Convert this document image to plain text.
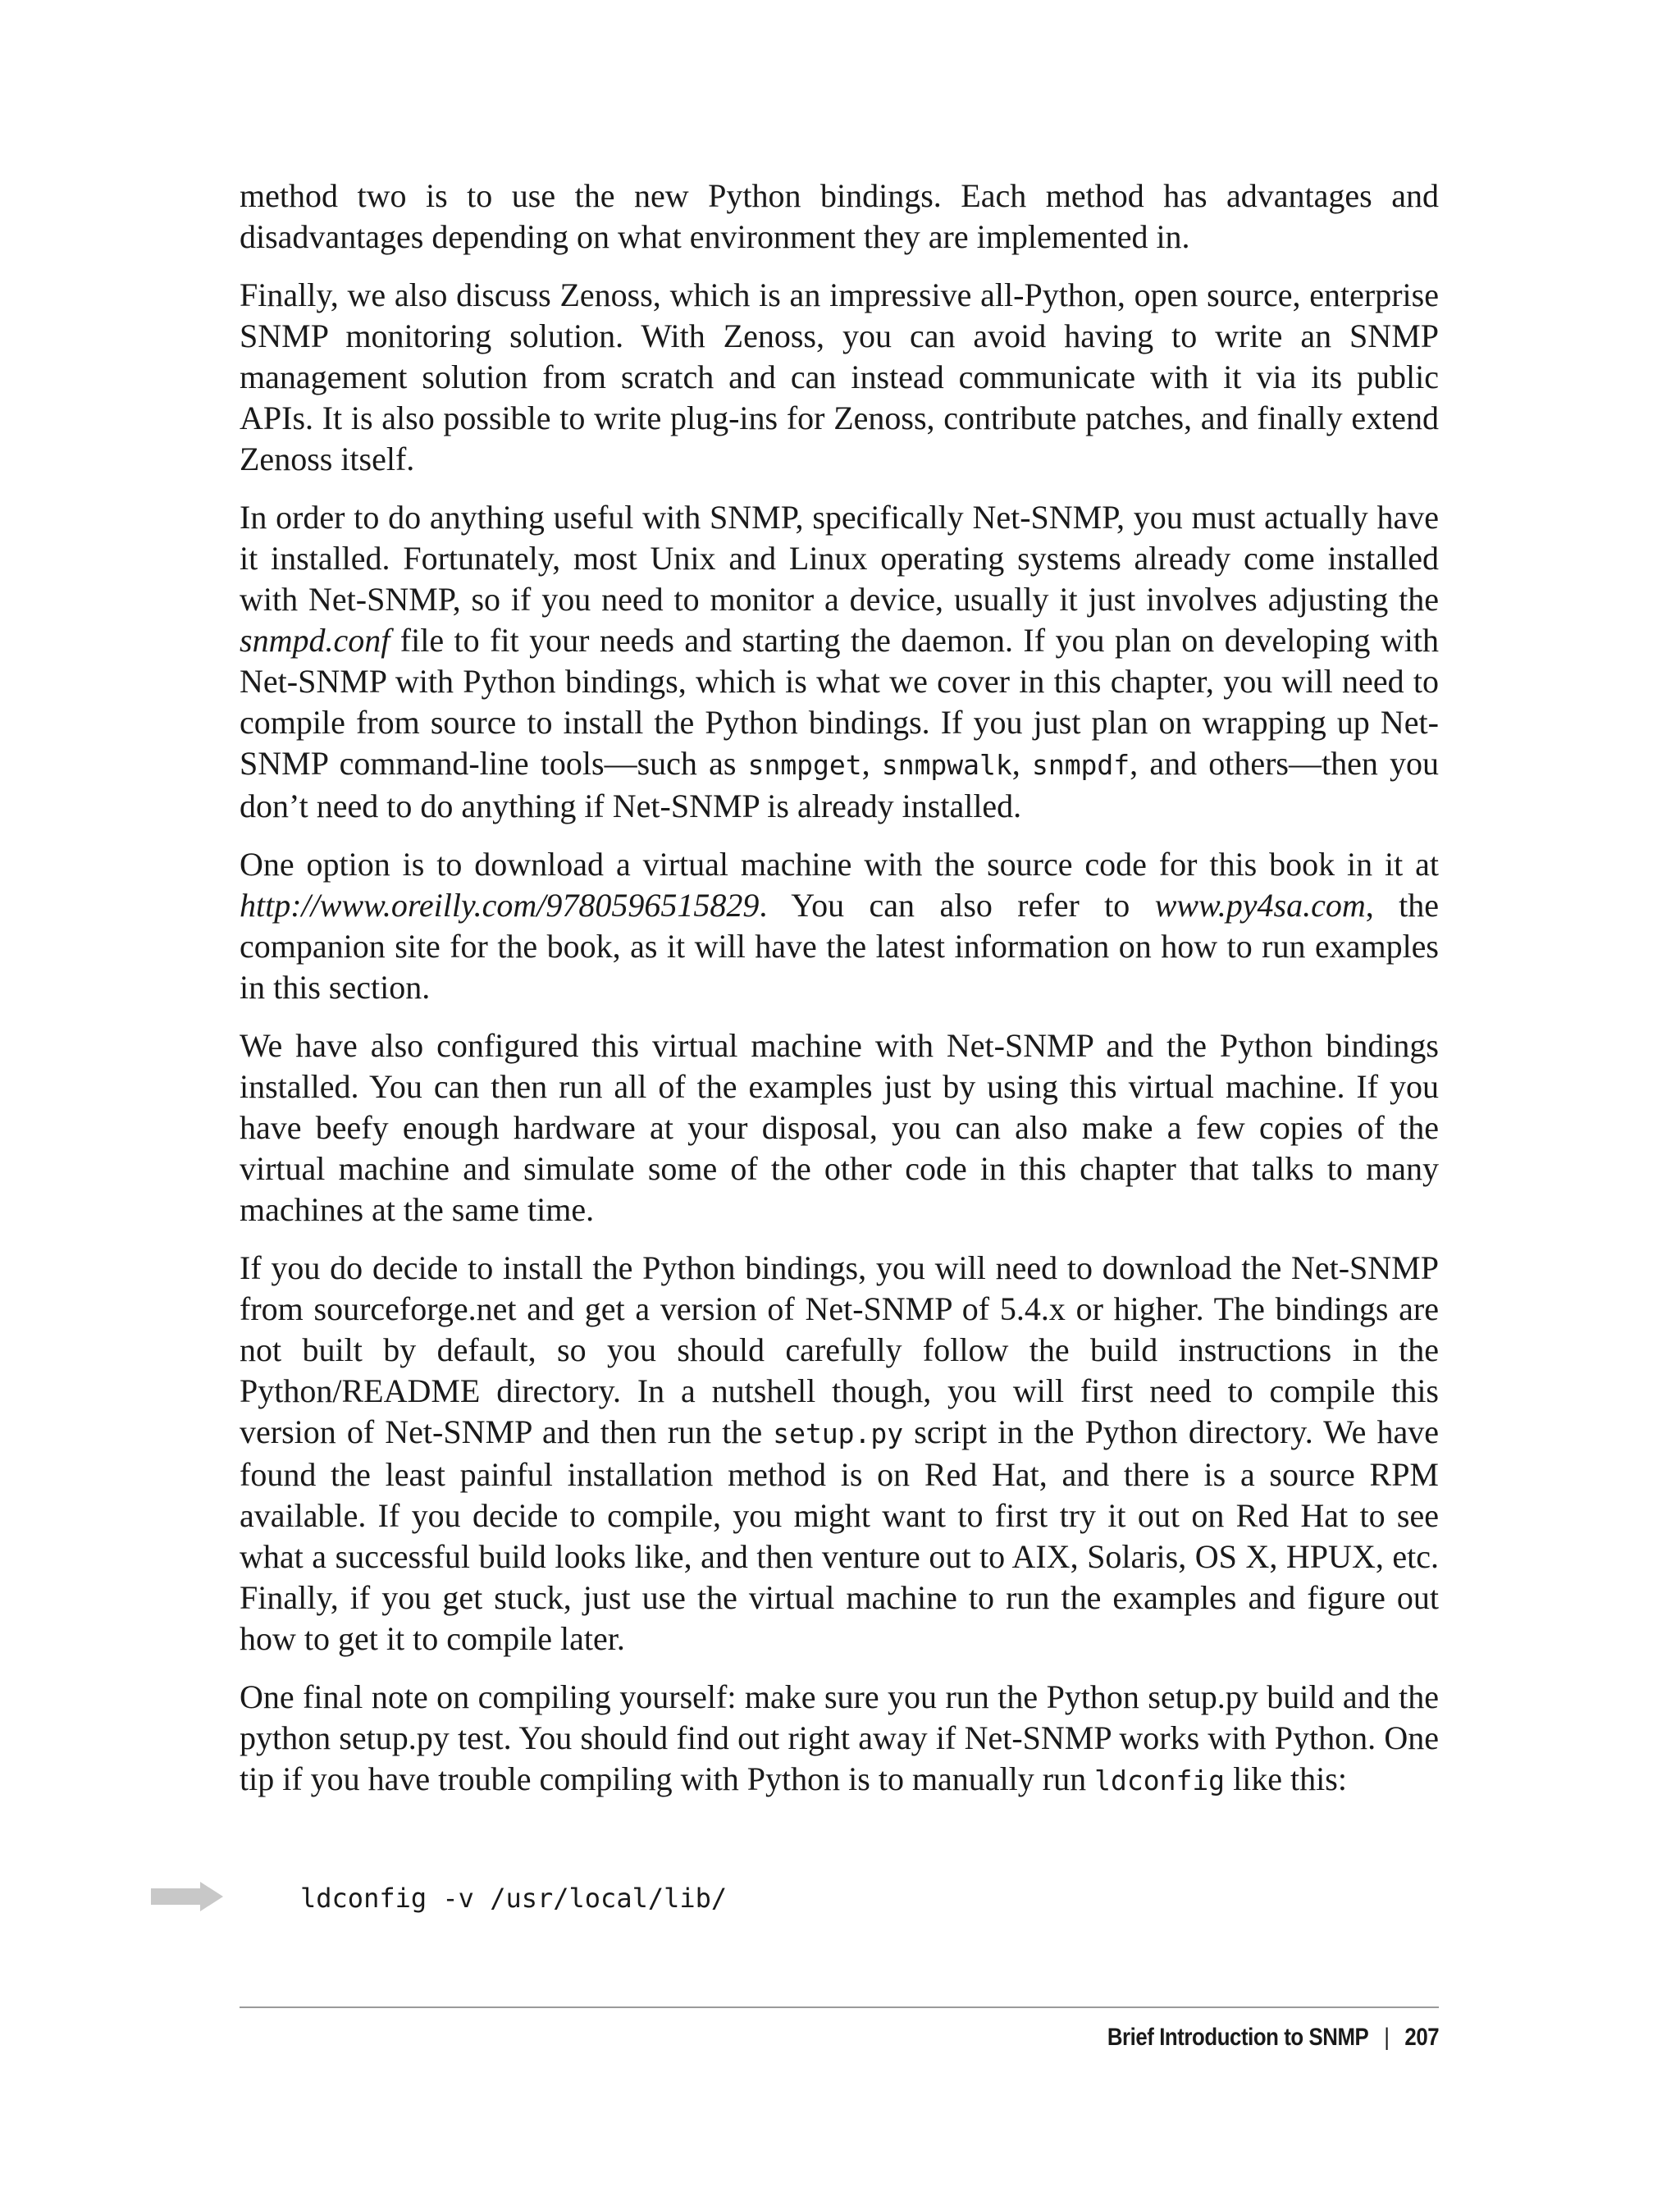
method two is to use the new Python bindings. Each method has advantages and disadvantages depending on what environment they are implemented in.

Finally, we also discuss Zenoss, which is an impressive all-Python, open source, enterprise SNMP monitoring solution. With Zenoss, you can avoid having to write an SNMP management solution from scratch and can instead communicate with it via its public APIs. It is also possible to write plug-ins for Zenoss, contribute patches, and finally extend Zenoss itself.

In order to do anything useful with SNMP, specifically Net-SNMP, you must actually have it installed. Fortunately, most Unix and Linux operating systems already come installed with Net-SNMP, so if you need to monitor a device, usually it just involves adjusting the snmpd.conf file to fit your needs and starting the daemon. If you plan on developing with Net-SNMP with Python bindings, which is what we cover in this chapter, you will need to compile from source to install the Python bindings. If you just plan on wrapping up Net-SNMP command-line tools—such as snmpget, snmpwalk, snmpdf, and others—then you don’t need to do anything if Net-SNMP is already installed.

One option is to download a virtual machine with the source code for this book in it at http://www.oreilly.com/9780596515829. You can also refer to www.py4sa.com, the companion site for the book, as it will have the latest information on how to run examples in this section.

We have also configured this virtual machine with Net-SNMP and the Python bindings installed. You can then run all of the examples just by using this virtual machine. If you have beefy enough hardware at your disposal, you can also make a few copies of the virtual machine and simulate some of the other code in this chapter that talks to many machines at the same time.

If you do decide to install the Python bindings, you will need to download the Net-SNMP from sourceforge.net and get a version of Net-SNMP of 5.4.x or higher. The bindings are not built by default, so you should carefully follow the build instructions in the Python/README directory. In a nutshell though, you will first need to compile this version of Net-SNMP and then run the setup.py script in the Python directory. We have found the least painful installation method is on Red Hat, and there is a source RPM available. If you decide to compile, you might want to first try it out on Red Hat to see what a successful build looks like, and then venture out to AIX, Solaris, OS X, HPUX, etc. Finally, if you get stuck, just use the virtual machine to run the examples and figure out how to get it to compile later.

One final note on compiling yourself: make sure you run the Python setup.py build and the python setup.py test. You should find out right away if Net-SNMP works with Python. One tip if you have trouble compiling with Python is to manually run ldconfig like this:

ldconfig -v /usr/local/lib/
Brief Introduction to SNMP | 207
